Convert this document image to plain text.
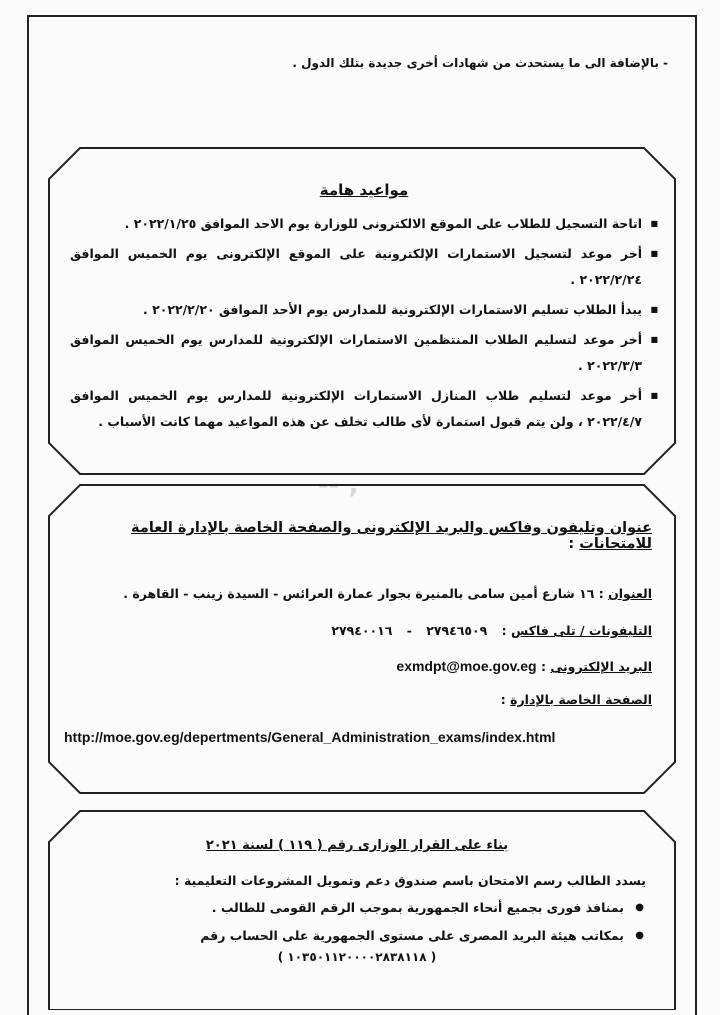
- بالإضافة الى ما يستحدث من شهادات أخرى جديدة بتلك الدول .
مواعيد هامة
■ اتاحة التسجيل للطلاب على الموقع الالكترونى للوزارة يوم الاحد الموافق ٢٠٢٢/١/٢٥ .
■ أخر موعد لتسجيل الاستمارات الإلكترونية على الموقع الإلكترونى يوم الخميس الموافق ٢٠٢٢/٢/٢٤ .
■ يبدأ الطلاب تسليم الاستمارات الإلكترونية للمدارس يوم الأحد الموافق ٢٠٢٢/٢/٢٠ .
■ أخر موعد لتسليم الطلاب المنتظمين الاستمارات الإلكترونية للمدارس يوم الخميس الموافق ٢٠٢٢/٣/٣ .
■ أخر موعد لتسليم طلاب المنازل الاستمارات الإلكترونية للمدارس يوم الخميس الموافق ٢٠٢٢/٤/٧ ، ولن يتم قبول استمارة لأى طالب تخلف عن هذه المواعيد مهما كانت الأسباب .
-- ,
عنوان وتليفون وفاكس والبريد الإلكترونى والصفحة الخاصة بالإدارة العامة للامتحانات :
العنوان : ١٦ شارع أمين سامى بالمنيرة بجوار عمارة العرائس - السيدة زينب - القاهرة .
التليفونات / تلى فاكس : ٢٧٩٤٦٥٠٩ - ٢٧٩٤٠٠١٦
البريد الإلكترونى : exmdpt@moe.gov.eg
الصفحة الخاصة بالإدارة :
http://moe.gov.eg/depertments/General_Administration_exams/index.html
بناء على القرار الوزارى رقم ( ١١٩ ) لسنة ٢٠٢١
يسدد الطالب رسم الامتحان باسم صندوق دعم وتمويل المشروعات التعليمية :
● بمنافذ فورى بجميع أنحاء الجمهورية بموجب الرقم القومى للطالب .
● بمكاتب هيئة البريد المصرى على مستوى الجمهورية على الحساب رقم
( ١٠٣٥٠١١٢٠٠٠٠٢٨٣٨١١٨ )
